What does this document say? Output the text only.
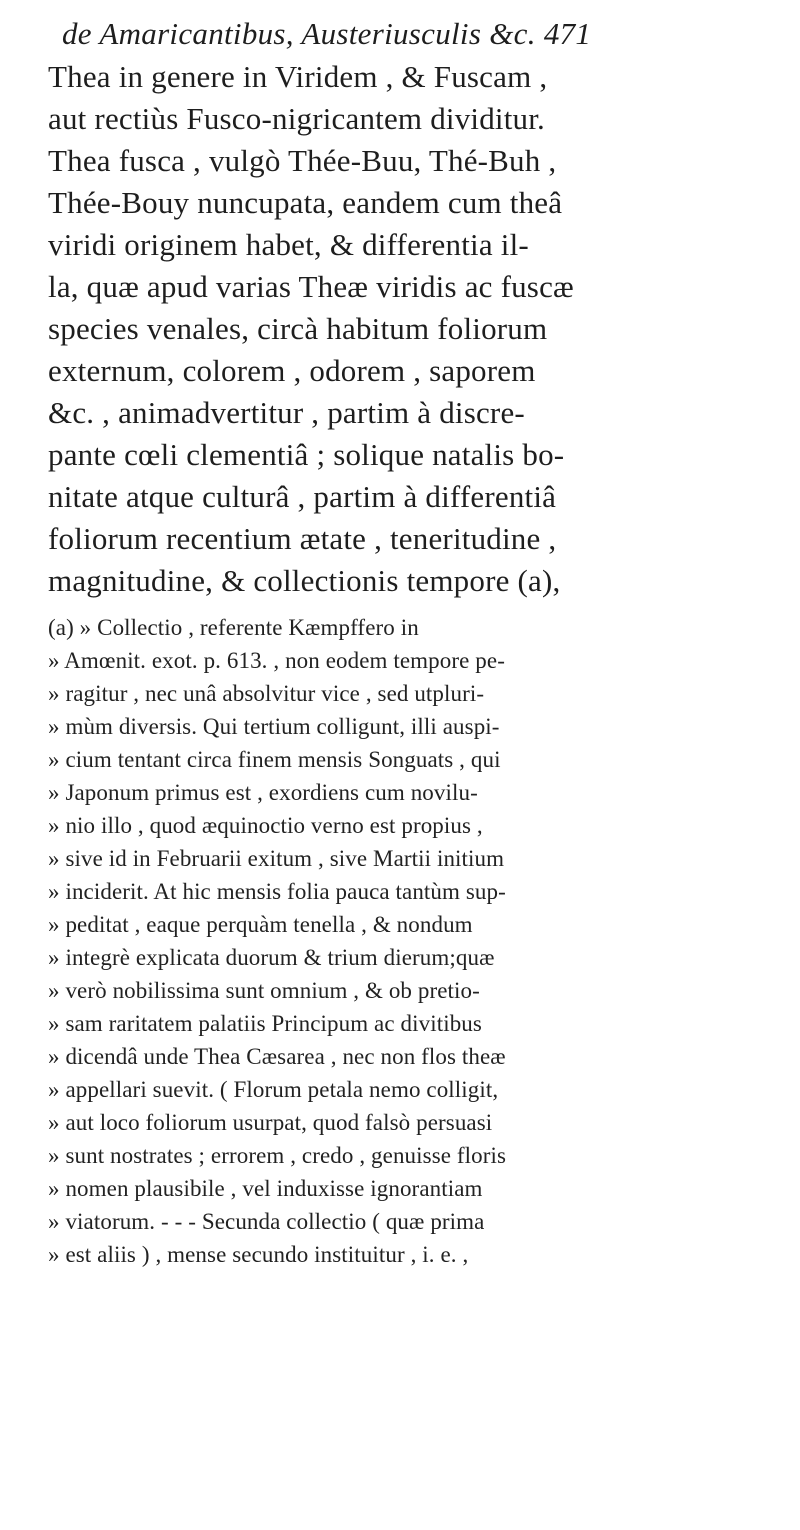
de Amaricantibus, Austeriusculis &c. 471
Thea in genere in Viridem , & Fuscam ,
aut rectiùs Fusco-nigricantem dividitur.
Thea fusca , vulgò Thée-Buu, Thé-Buh ,
Thée-Bouy nuncupata, eandem cum theâ
viridi originem habet, & differentia il-
la, quæ apud varias Theæ viridis ac fuscæ
species venales, circà habitum foliorum
externum, colorem , odorem , saporem
&c. , animadvertitur , partim à discre-
pante cœli clementiâ ; solique natalis bo-
nitate atque culturâ , partim à differentiâ
foliorum recentium ætate , teneritudine ,
magnitudine, & collectionis tempore (a),
(a) » Collectio , referente Kæmpffero in
» Amœnit. exot. p. 613. , non eodem tempore pe-
» ragitur , nec unâ absolvitur vice , sed utpluri-
» mùm diversis. Qui tertium colligunt, illi auspi-
» cium tentant circa finem mensis Songuats , qui
» Japonum primus est , exordiens cum novilu-
» nio illo , quod æquinoctio verno est propius ,
» sive id in Februarii exitum , sive Martii initium
» inciderit. At hic mensis folia pauca tantùm sup-
» peditat , eaque perquàm tenella , & nondum
» integrè explicata duorum & trium dierum;quæ
» verò nobilissima sunt omnium , & ob pretio-
» sam raritatem palatiis Principum ac divitibus
» dicendâ unde Thea Cæsarea , nec non flos theæ
» appellari suevit. ( Florum petala nemo colligit,
» aut loco foliorum usurpat, quod falsò persuasi
» sunt nostrates ; errorem , credo , genuisse floris
» nomen plausibile , vel induxisse ignorantiam
» viatorum. - - - Secunda collectio ( quæ prima
» est aliis ) , mense secundo instituitur , i. e. ,
